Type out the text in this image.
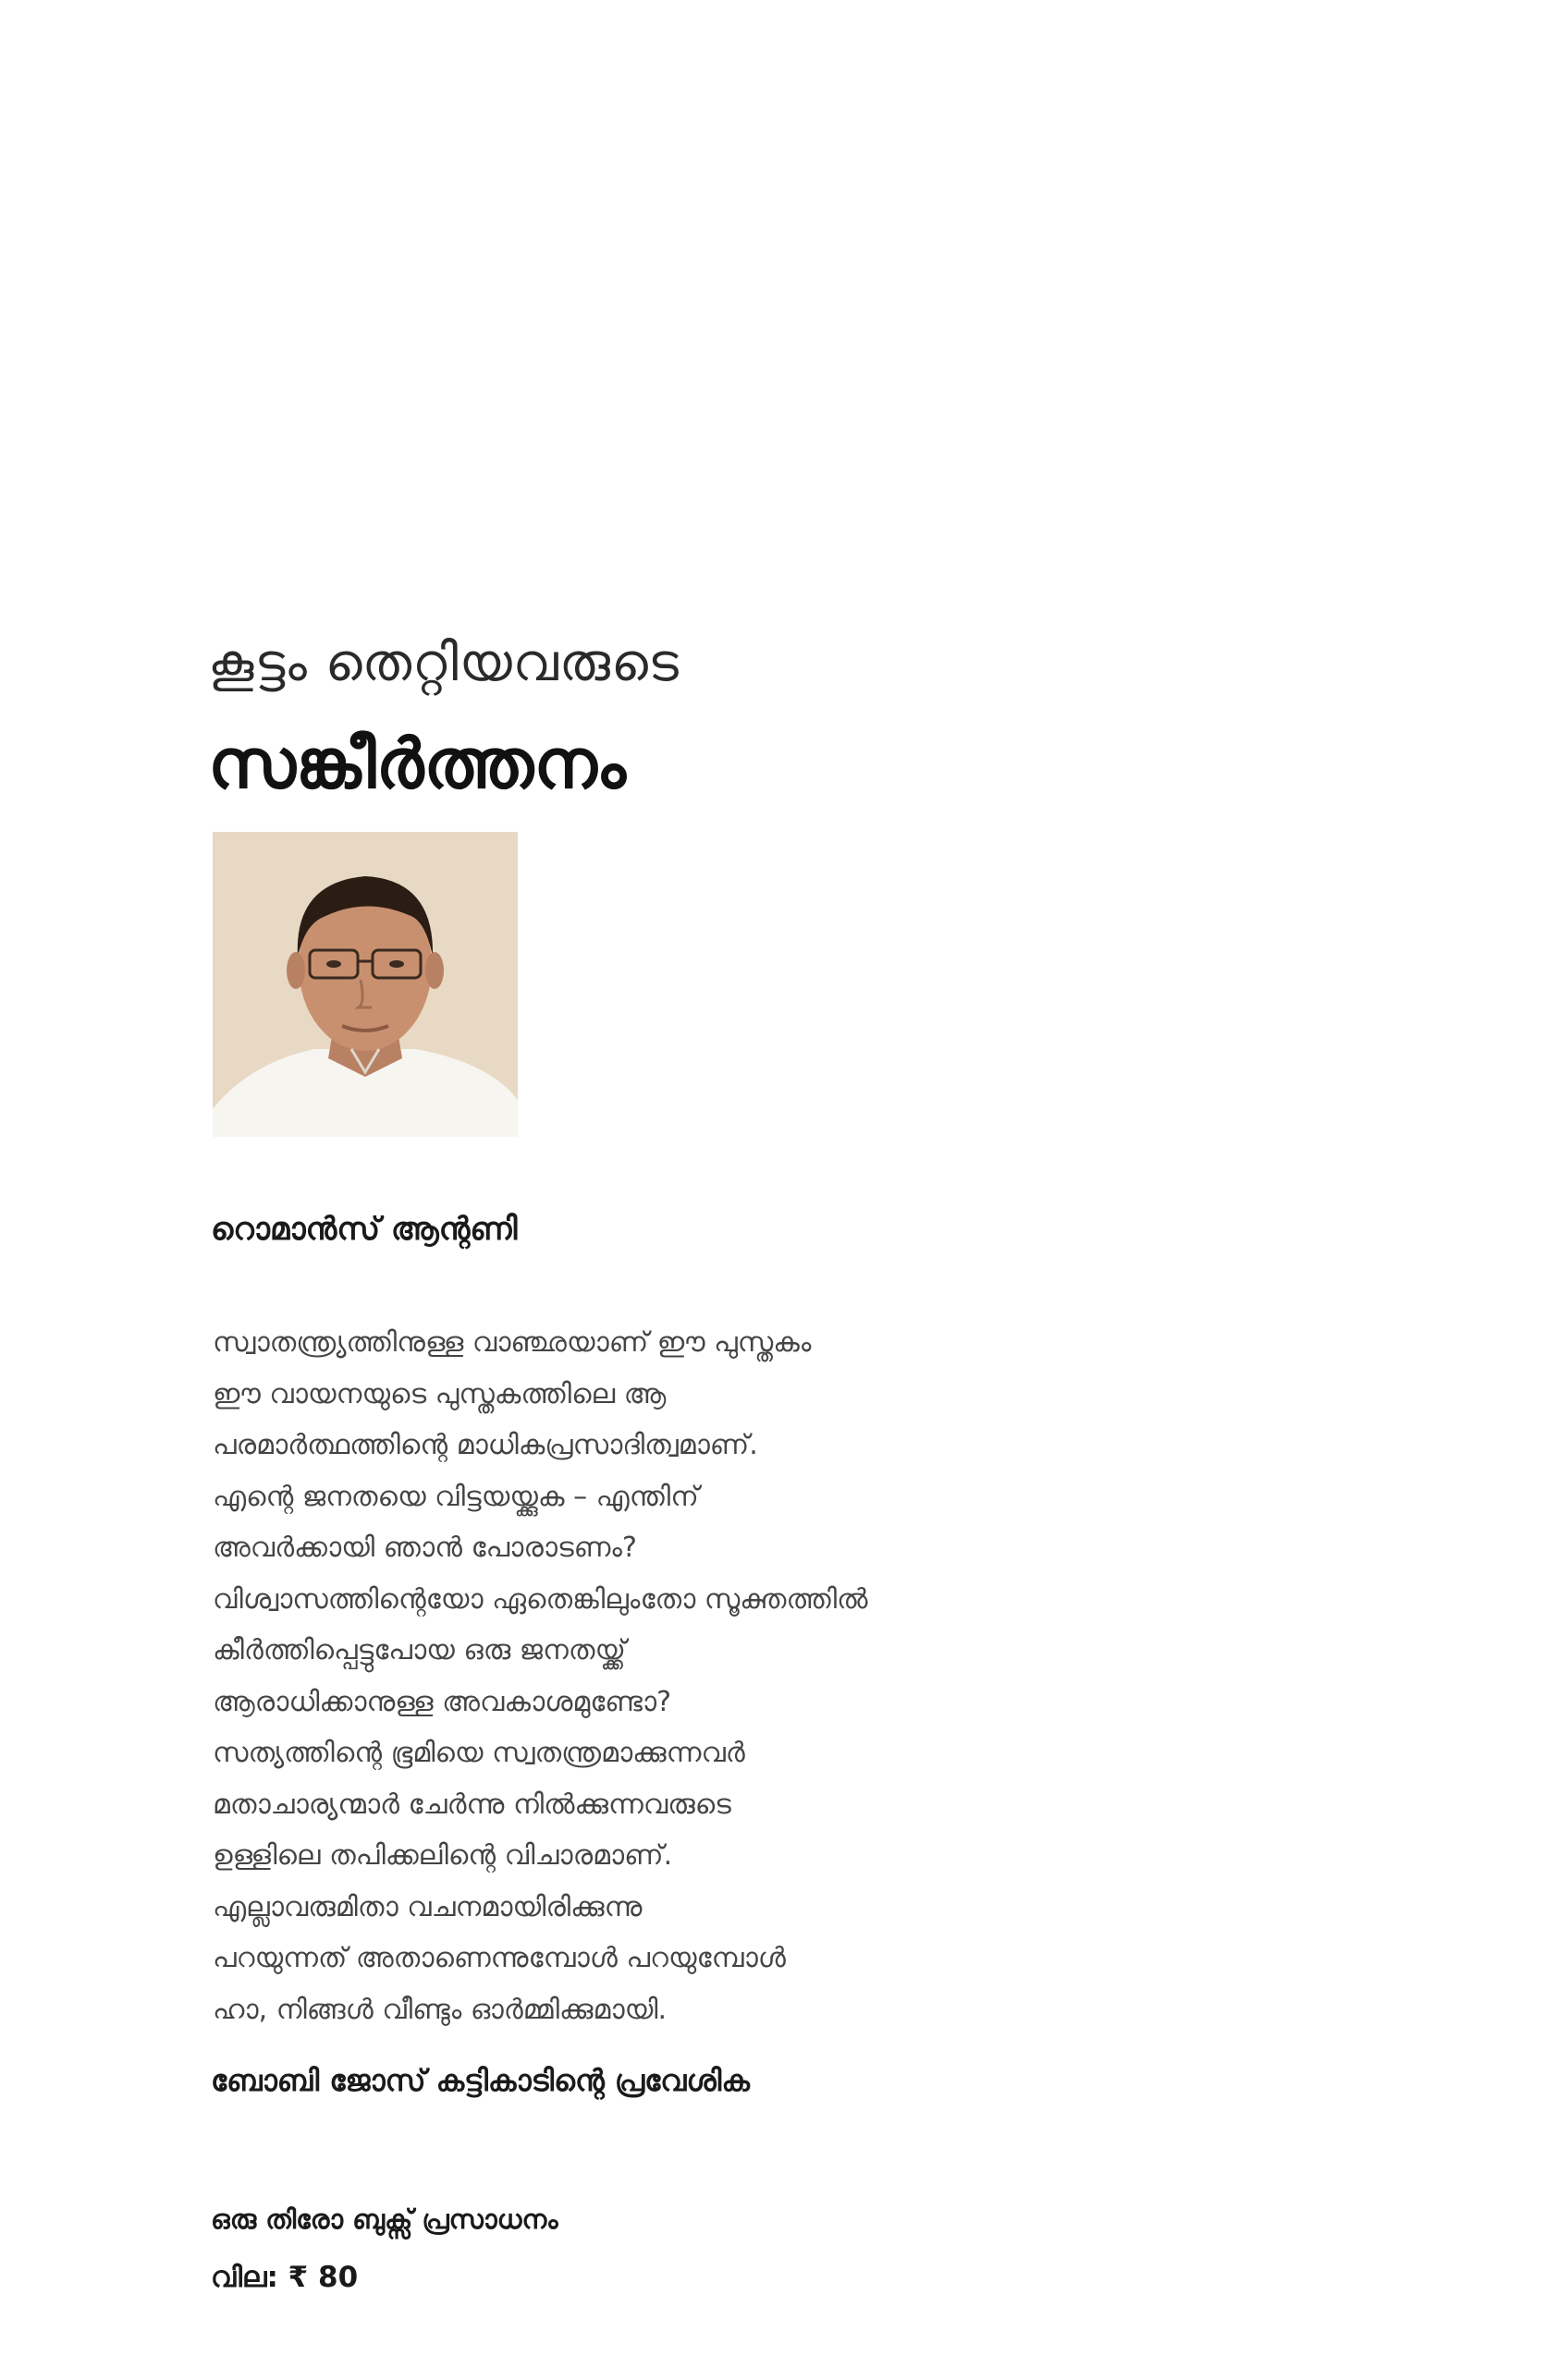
കൂട്ടം തെറ്റിയവരുടെ
സങ്കീർത്തനം
റൊമാൻസ് ആന്റണി
സ്വാതന്ത്ര്യത്തിനുള്ള വാഞ്ഛയാണ് ഈ പുസ്തകം
ഈ വായനയുടെ പുസ്തകത്തിലെ ആ
പരമാർത്ഥത്തിന്റെ മാധികപ്രസാദിത്വമാണ്.
എന്റെ ജനതയെ വിട്ടയയ്ക്കുക – എന്തിന്
അവർക്കായി ഞാൻ പോരാടണം?
വിശ്വാസത്തിന്റെയോ ഏതെങ്കിലുംതോ സൂക്തത്തിൽ
കീർത്തിപ്പെട്ടുപോയ ഒരു ജനതയ്ക്ക്
ആരാധിക്കാനുള്ള അവകാശമുണ്ടോ?
സത്യത്തിന്റെ ഭൂമിയെ സ്വതന്ത്രമാക്കുന്നവർ
മതാചാര്യന്മാർ ചേർന്നു നിൽക്കുന്നവരുടെ
ഉള്ളിലെ തപിക്കലിന്റെ വിചാരമാണ്.
എല്ലാവരുമിതാ വചനമായിരിക്കുന്നു
പറയുന്നത് അതാണെന്നുമ്പോൾ പറയുമ്പോൾ
ഹാ, നിങ്ങൾ വീണ്ടും ഓർമ്മിക്കുമായി.
ബോബി ജോസ് കട്ടികാടിന്റെ പ്രവേശിക
ഒരു തിരോ ബുക്സ് പ്രസാധനം
വില: ₹ 80
